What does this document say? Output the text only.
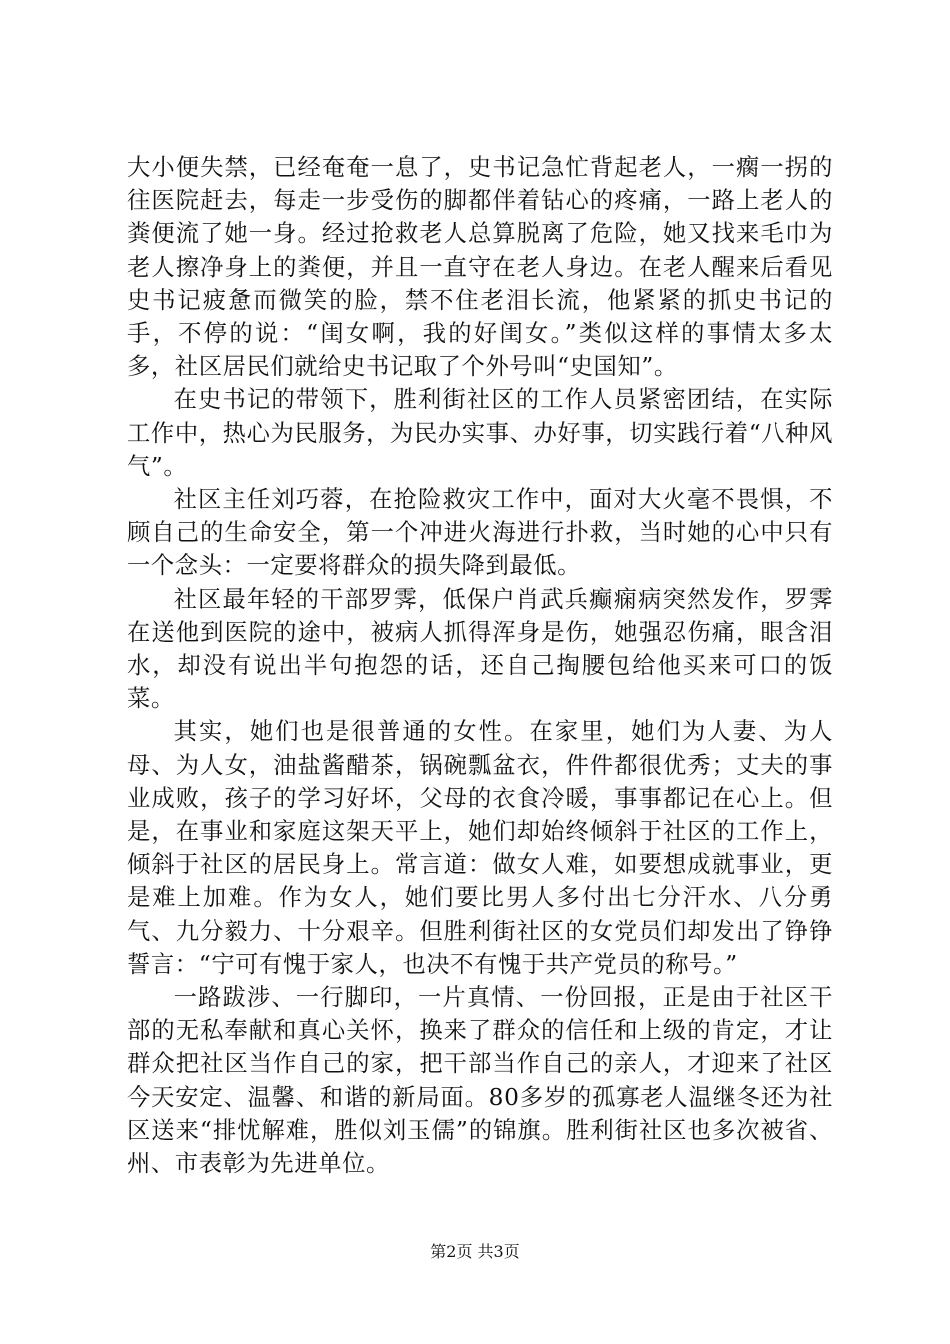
大小便失禁，已经奄奄一息了，史书记急忙背起老人，一瘸一拐的往医院赶去，每走一步受伤的脚都伴着钻心的疼痛，一路上老人的粪便流了她一身。经过抢救老人总算脱离了危险，她又找来毛巾为老人擦净身上的粪便，并且一直守在老人身边。在老人醒来后看见史书记疲惫而微笑的脸，禁不住老泪长流，他紧紧的抓史书记的手，不停的说：“闺女啊，我的好闺女。”类似这样的事情太多太多，社区居民们就给史书记取了个外号叫“史国知”。

在史书记的带领下，胜利街社区的工作人员紧密团结，在实际工作中，热心为民服务，为民办实事、办好事，切实践行着“八种风气”。

社区主任刘巧蓉，在抢险救灾工作中，面对大火毫不畏惧，不顾自己的生命安全，第一个冲进火海进行扑救，当时她的心中只有一个念头：一定要将群众的损失降到最低。

社区最年轻的干部罗霁，低保户肖武兵癫痫病突然发作，罗霁在送他到医院的途中，被病人抓得浑身是伤，她强忍伤痛，眼含泪水，却没有说出半句抱怨的话，还自己掏腰包给他买来可口的饭菜。

其实，她们也是很普通的女性。在家里，她们为人妻、为人母、为人女，油盐酱醋茶，锅碗瓢盆衣，件件都很优秀；丈夫的事业成败，孩子的学习好坏，父母的衣食冷暖，事事都记在心上。但是，在事业和家庭这架天平上，她们却始终倾斜于社区的工作上，倾斜于社区的居民身上。常言道：做女人难，如要想成就事业，更是难上加难。作为女人，她们要比男人多付出七分汗水、八分勇气、九分毅力、十分艰辛。但胜利街社区的女党员们却发出了铮铮誓言：“宁可有愧于家人，也决不有愧于共产党员的称号。”

一路跋涉、一行脚印，一片真情、一份回报，正是由于社区干部的无私奉献和真心关怀，换来了群众的信任和上级的肯定，才让群众把社区当作自己的家，把干部当作自己的亲人，才迎来了社区今天安定、温馨、和谐的新局面。80多岁的孤寡老人温继冬还为社区送来“排忧解难，胜似刘玉儒”的锦旗。胜利街社区也多次被省、州、市表彰为先进单位。

第2页 共3页
